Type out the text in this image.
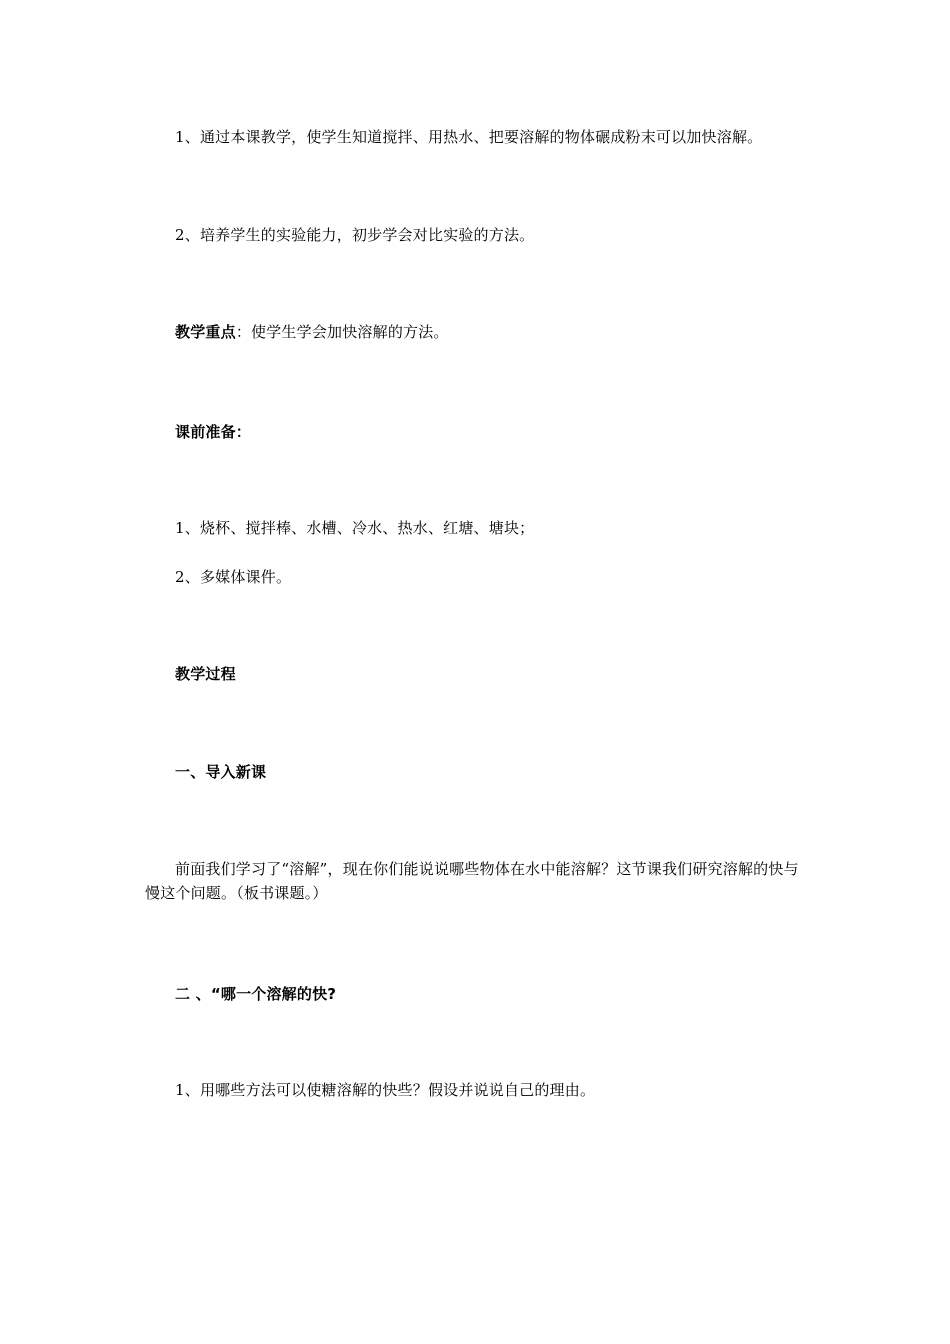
1、通过本课教学，使学生知道搅拌、用热水、把要溶解的物体碾成粉末可以加快溶解。
2、培养学生的实验能力，初步学会对比实验的方法。
教学重点：使学生学会加快溶解的方法。
课前准备：
1、烧杯、搅拌棒、水槽、冷水、热水、红塘、塘块；
2、多媒体课件。
教学过程
一、导入新课
前面我们学习了“溶解”，现在你们能说说哪些物体在水中能溶解？这节课我们研究溶解的快与慢这个问题。（板书课题。）
二 、“哪一个溶解的快?
1、用哪些方法可以使糖溶解的快些？假设并说说自己的理由。
